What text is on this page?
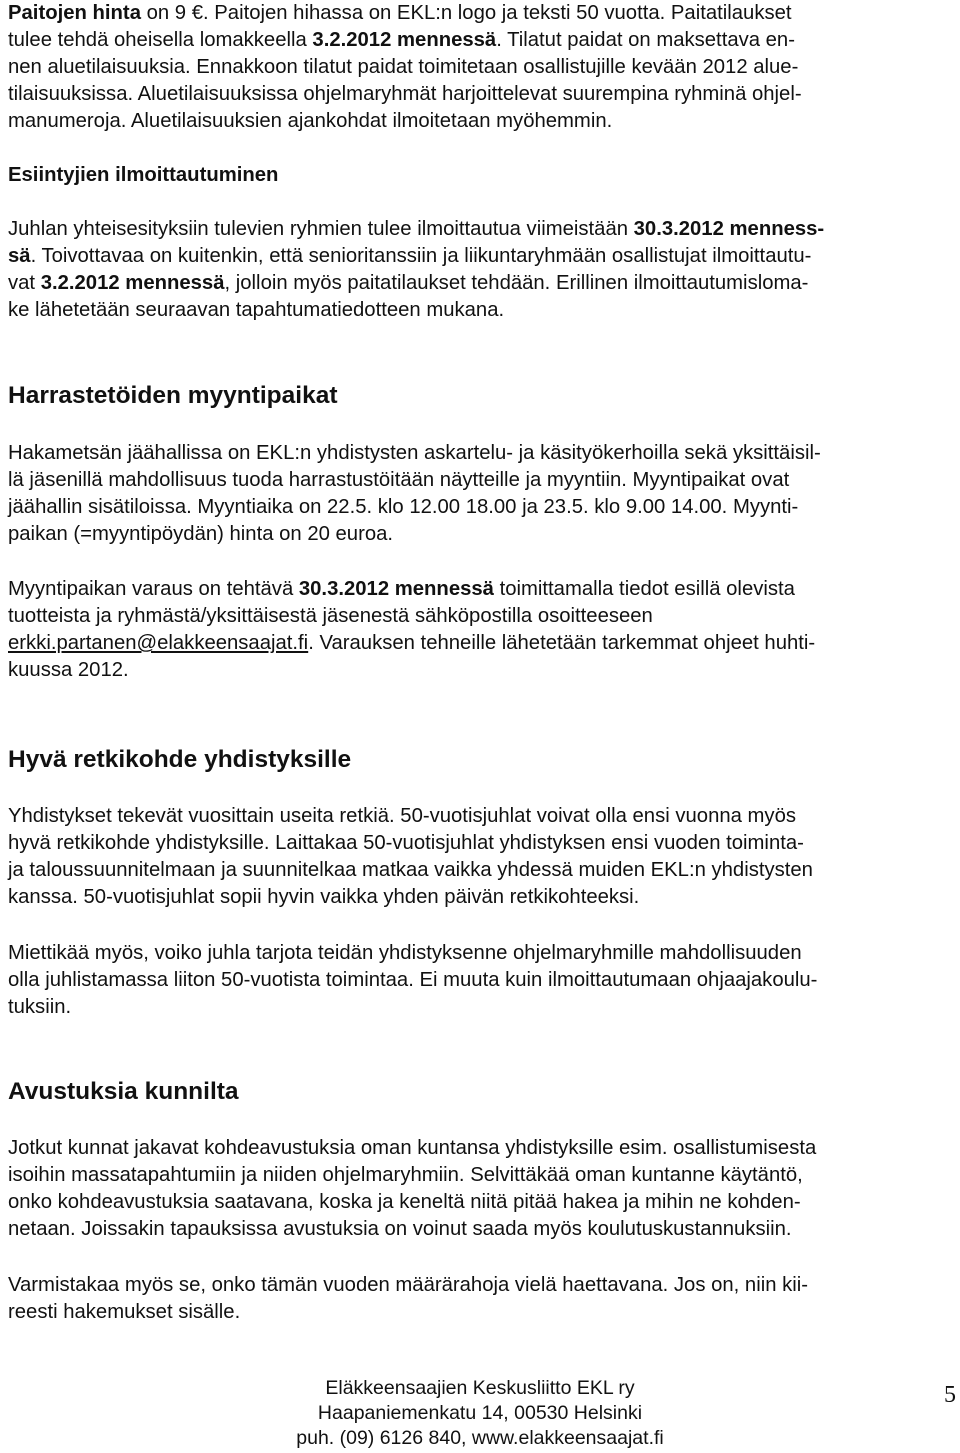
Paitojen hinta on 9 €. Paitojen hihassa on EKL:n logo ja teksti 50 vuotta. Paitatilaukset
tulee tehdä oheisella lomakkeella 3.2.2012 mennessä. Tilatut paidat on maksettava en-
nen aluetilaisuuksia. Ennakkoon tilatut paidat toimitetaan osallistujille kevään 2012 alue-
tilaisuuksissa. Aluetilaisuuksissa ohjelmaryhmät harjoittelevat suurempina ryhminä ohjel-
manumeroja. Aluetilaisuuksien ajankohdat ilmoitetaan myöhemmin.
Esiintyjien ilmoittautuminen
Juhlan yhteisesityksiin tulevien ryhmien tulee ilmoittautua viimeistään 30.3.2012 menness-
sä. Toivottavaa on kuitenkin, että senioritanssiin ja liikuntaryhmään osallistujat ilmoittautu-
vat 3.2.2012 mennessä, jolloin myös paitatilaukset tehdään. Erillinen ilmoittautumisloma-
ke lähetetään seuraavan tapahtumatiedotteen mukana.
Harrastetöiden myyntipaikat
Hakametsän jäähallissa on EKL:n yhdistysten askartelu- ja käsityökerhoilla sekä yksittäisil-
lä jäsenillä mahdollisuus tuoda harrastustöitään näytteille ja myyntiin. Myyntipaikat ovat
jäähallin sisätiloissa. Myyntiaika on 22.5. klo 12.00 18.00 ja 23.5. klo 9.00 14.00. Myynti-
paikan (=myyntipöydän) hinta on 20 euroa.
Myyntipaikan varaus on tehtävä 30.3.2012 mennessä toimittamalla tiedot esillä olevista
tuotteista ja ryhmästä/yksittäisestä jäsenestä sähköpostilla osoitteeseen
erkki.partanen@elakkeensaajat.fi. Varauksen tehneille lähetetään tarkemmat ohjeet huhti-
kuussa 2012.
Hyvä retkikohde yhdistyksille
Yhdistykset tekevät vuosittain useita retkiä. 50-vuotisjuhlat voivat olla ensi vuonna myös
hyvä retkikohde yhdistyksille. Laittakaa 50-vuotisjuhlat yhdistyksen ensi vuoden toiminta-
ja taloussuunnitelmaan ja suunnitelkaa matkaa vaikka yhdessä muiden EKL:n yhdistysten
kanssa. 50-vuotisjuhlat sopii hyvin vaikka yhden päivän retkikohteeksi.
Miettikää myös, voiko juhla tarjota teidän yhdistyksenne ohjelmaryhmille mahdollisuuden
olla juhlistamassa liiton 50-vuotista toimintaa. Ei muuta kuin ilmoittautumaan ohjaajakoulu-
tuksiin.
Avustuksia kunnilta
Jotkut kunnat jakavat kohdeavustuksia oman kuntansa yhdistyksille esim. osallistumisesta
isoihin massatapahtumiin ja niiden ohjelmaryhmiin. Selvittäkää oman kuntanne käytäntö,
onko kohdeavustuksia saatavana, koska ja keneltä niitä pitää hakea ja mihin ne kohden-
netaan. Joissakin tapauksissa avustuksia on voinut saada myös koulutuskustannuksiin.
Varmistakaa myös se, onko tämän vuoden määrärahoja vielä haettavana. Jos on, niin kii-
reesti hakemukset sisälle.
Eläkkeensaajien Keskusliitto EKL ry
Haapaniemenkatu 14, 00530 Helsinki
puh. (09) 6126 840, www.elakkeensaajat.fi
5
